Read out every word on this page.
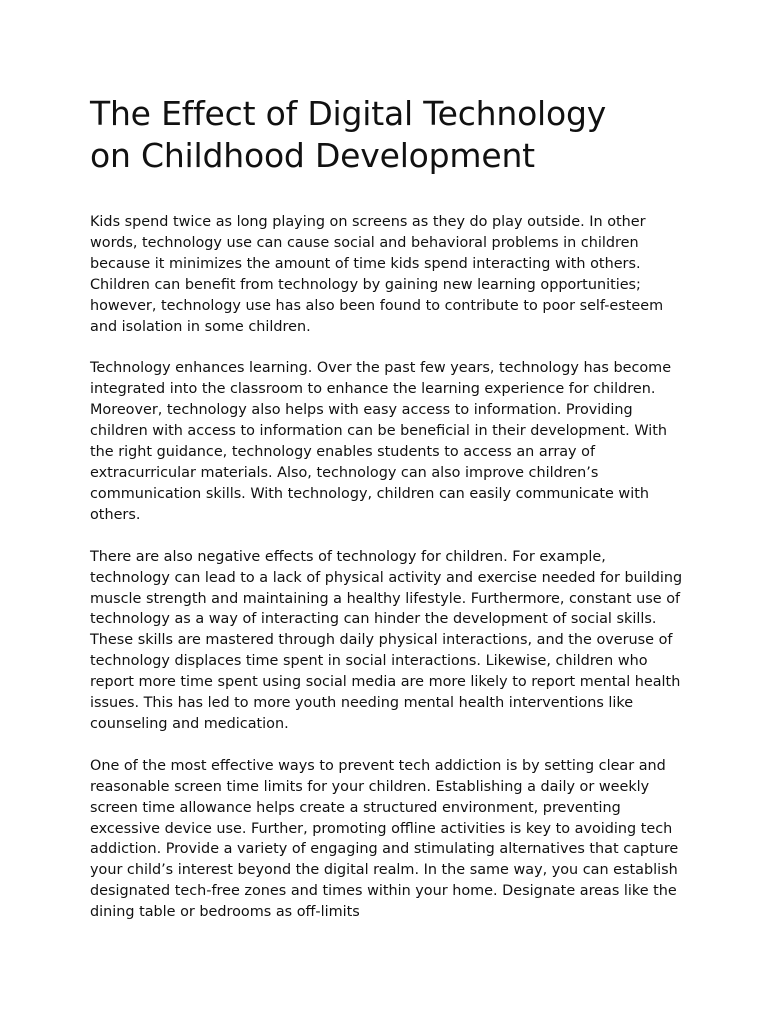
The Effect of Digital Technology
on Childhood Development

Kids spend twice as long playing on screens as they do play outside. In other words, technology use can cause social and behavioral problems in children because it minimizes the amount of time kids spend interacting with others. Children can benefit from technology by gaining new learning opportunities; however, technology use has also been found to contribute to poor self-esteem and isolation in some children.

Technology enhances learning. Over the past few years, technology has become integrated into the classroom to enhance the learning experience for children. Moreover, technology also helps with easy access to information. Providing children with access to information can be beneficial in their development. With the right guidance, technology enables students to access an array of extracurricular materials. Also, technology can also improve children’s communication skills. With technology, children can easily communicate with others.

There are also negative effects of technology for children. For example, technology can lead to a lack of physical activity and exercise needed for building muscle strength and maintaining a healthy lifestyle. Furthermore, constant use of technology as a way of interacting can hinder the development of social skills. These skills are mastered through daily physical interactions, and the overuse of technology displaces time spent in social interactions. Likewise, children who report more time spent using social media are more likely to report mental health issues. This has led to more youth needing mental health interventions like counseling and medication.

One of the most effective ways to prevent tech addiction is by setting clear and reasonable screen time limits for your children. Establishing a daily or weekly screen time allowance helps create a structured environment, preventing excessive device use. Further, promoting offline activities is key to avoiding tech addiction. Provide a variety of engaging and stimulating alternatives that capture your child’s interest beyond the digital realm. In the same way, you can establish designated tech-free zones and times within your home. Designate areas like the dining table or bedrooms as off-limits
